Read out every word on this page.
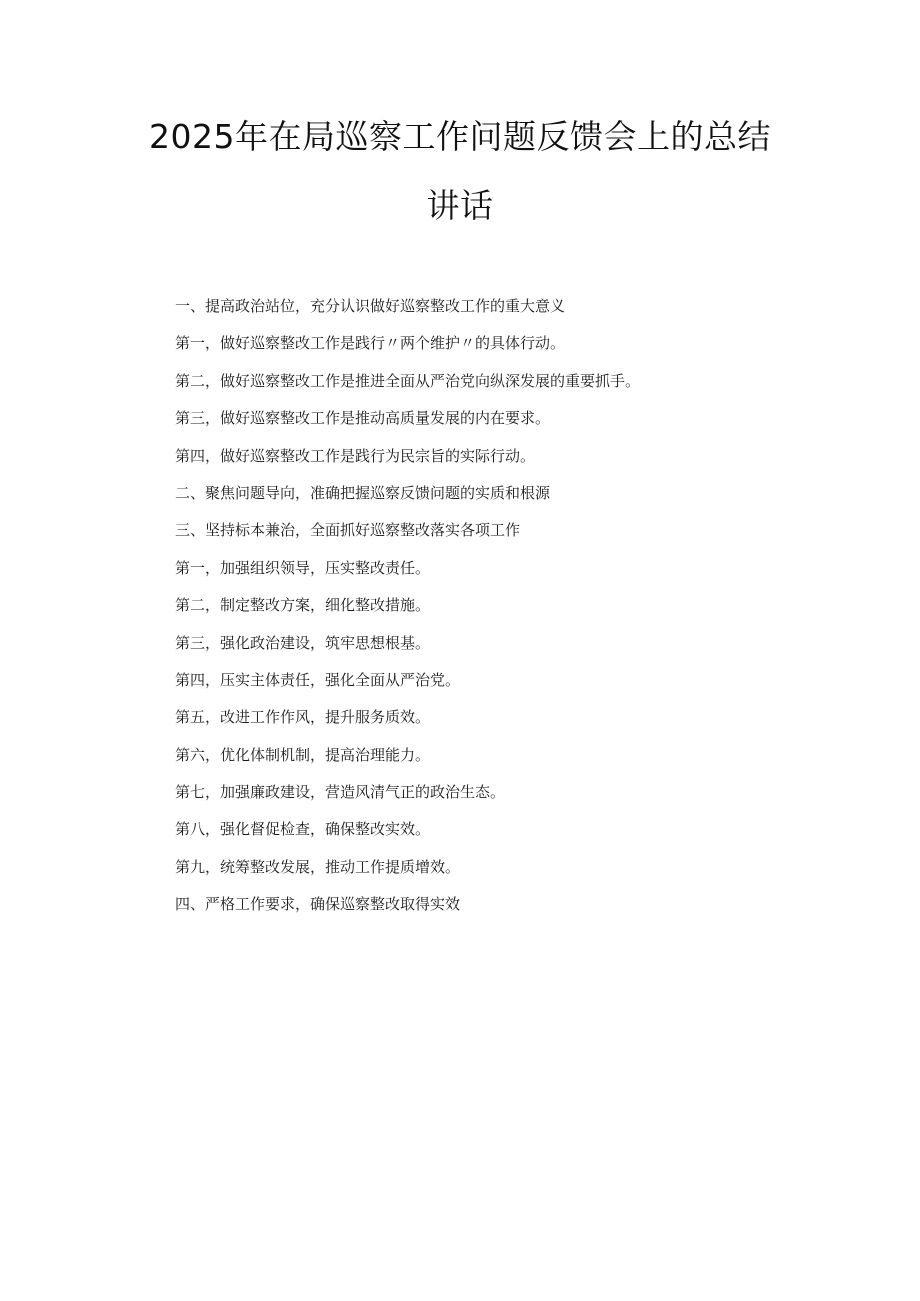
2025年在局巡察工作问题反馈会上的总结
讲话
一、提高政治站位，充分认识做好巡察整改工作的重大意义
第一，做好巡察整改工作是践行〃两个维护〃的具体行动。
第二，做好巡察整改工作是推进全面从严治党向纵深发展的重要抓手。
第三，做好巡察整改工作是推动高质量发展的内在要求。
第四，做好巡察整改工作是践行为民宗旨的实际行动。
二、聚焦问题导向，准确把握巡察反馈问题的实质和根源
三、坚持标本兼治，全面抓好巡察整改落实各项工作
第一，加强组织领导，压实整改责任。
第二，制定整改方案，细化整改措施。
第三，强化政治建设，筑牢思想根基。
第四，压实主体责任，强化全面从严治党。
第五，改进工作作风，提升服务质效。
第六，优化体制机制，提高治理能力。
第七，加强廉政建设，营造风清气正的政治生态。
第八，强化督促检查，确保整改实效。
第九，统筹整改发展，推动工作提质增效。
四、严格工作要求，确保巡察整改取得实效
